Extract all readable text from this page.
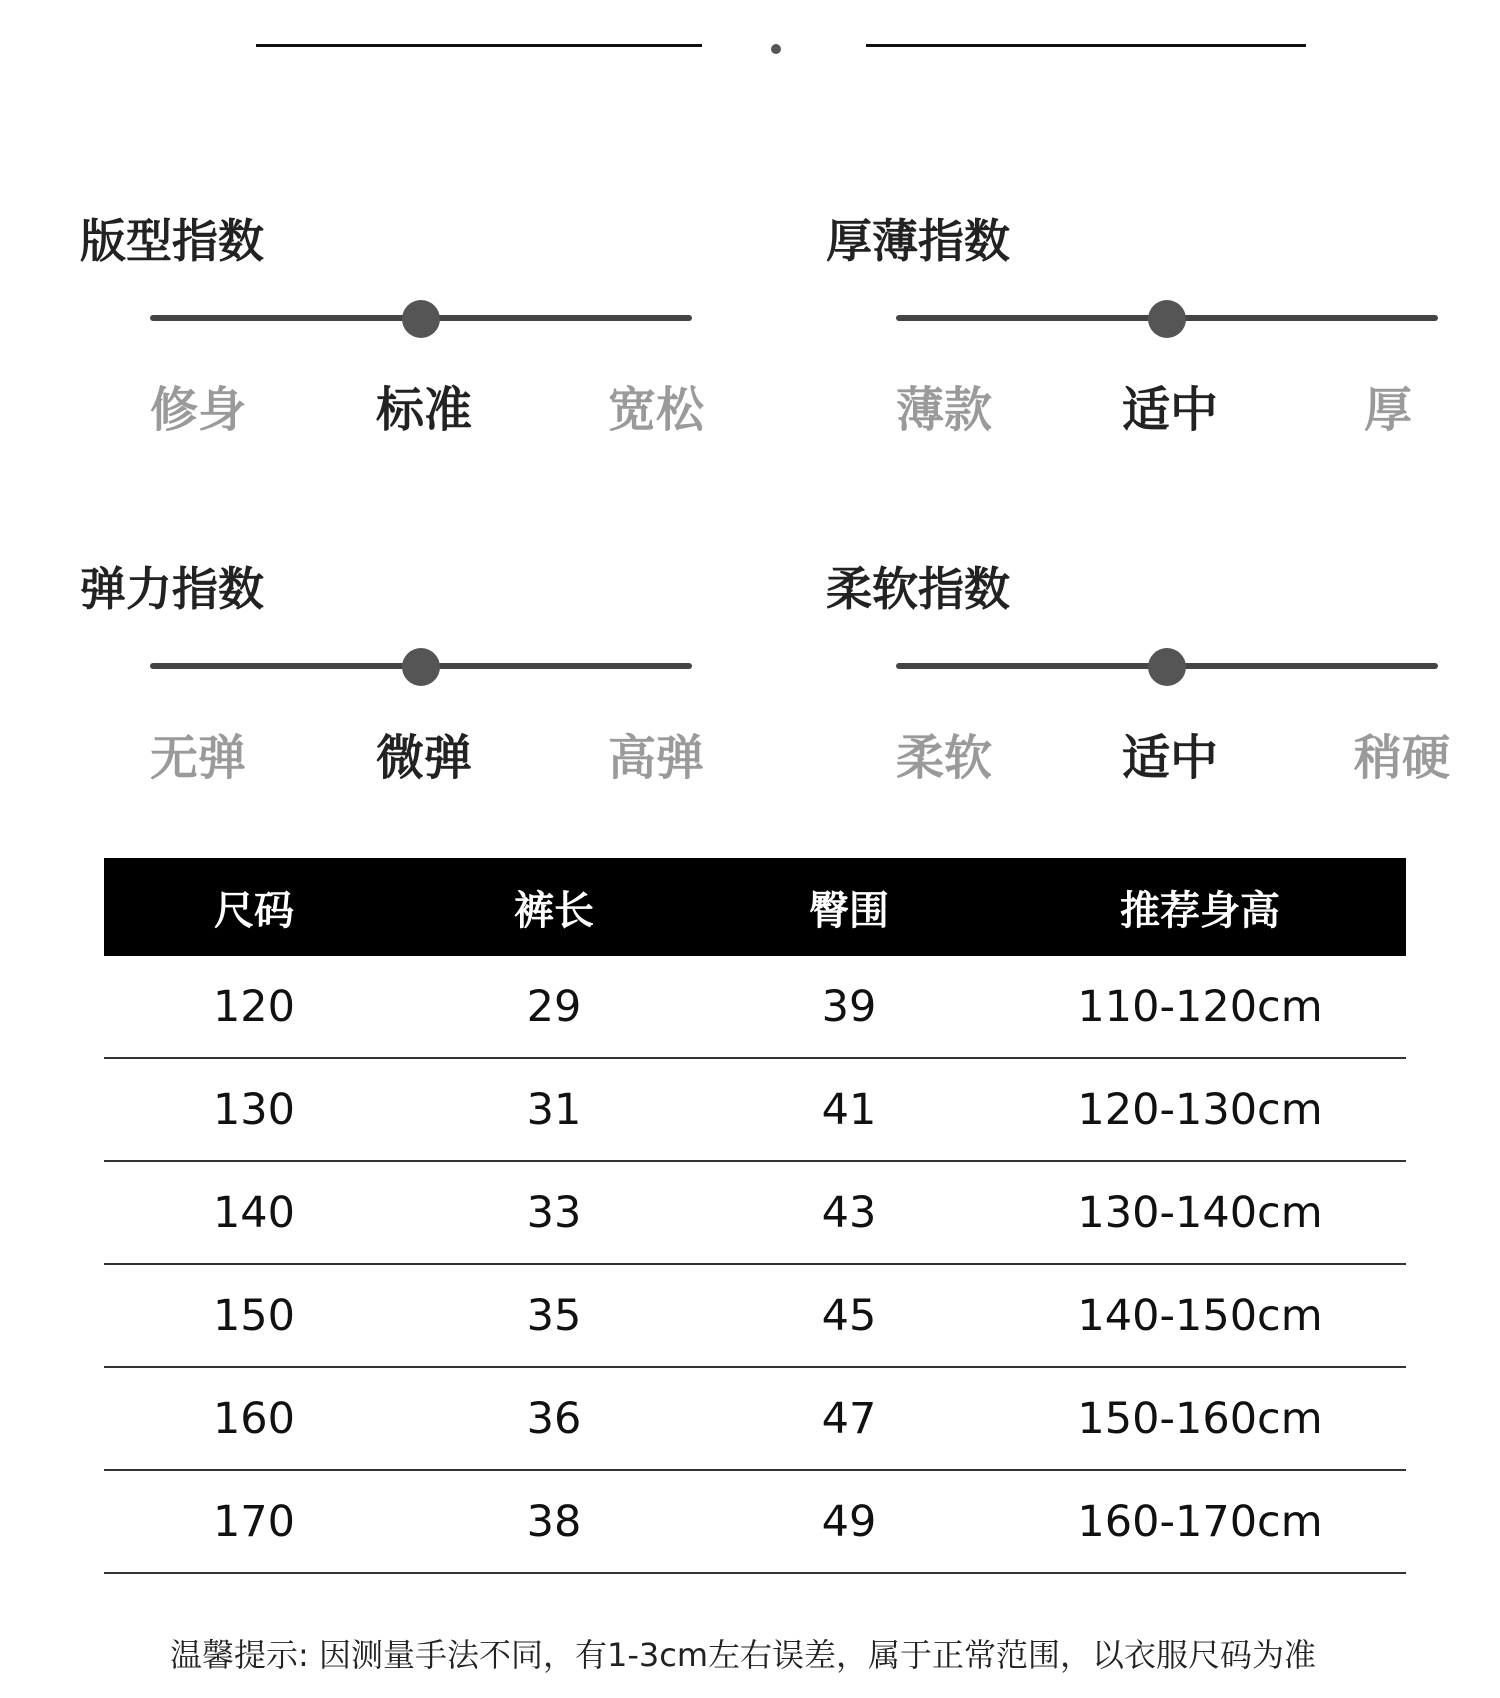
版型指数
修身	标准	宽松
厚薄指数
薄款	适中	厚
弹力指数
无弹	微弹	高弹
柔软指数
柔软	适中	稍硬
尺码	裤长	臀围	推荐身高
120	29	39	110-120cm
130	31	41	120-130cm
140	33	43	130-140cm
150	35	45	140-150cm
160	36	47	150-160cm
170	38	49	160-170cm
温馨提示: 因测量手法不同，有1-3cm左右误差，属于正常范围，以衣服尺码为准
